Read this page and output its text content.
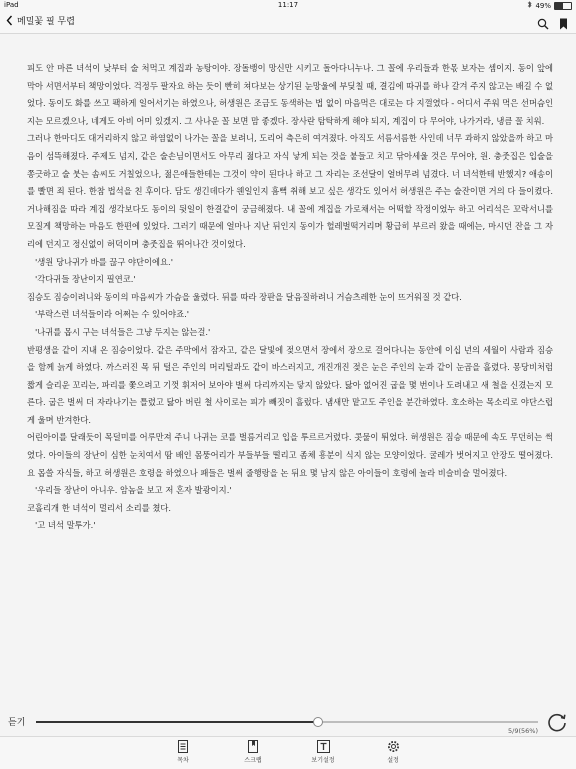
iPad	11:17	49%
메밀꽃 필 무렵

피도 안 마른 녀석이 낮부터 술 처먹고 계집과 농탕이야. 장돌뱅이 망신만 시키고 돌아다니누나. 그 꼴에 우리들과 한몫 보자는 셈이지. 동이 앞에 막아 서면서부터 책망이었다. 걱정두 팔자요 하는 듯이 빤히 쳐다보는 상기된 눈망울에 부딪칠 때, 결김에 따귀를 하나 갈겨 주지 않고는 배길 수 없었다. 동이도 화를 쓰고 팩하게 일어서기는 하였으나, 허생원은 조금도 동색하는 법 없이 마음먹은 대로는 다 지껄였다 - 어디서 주워 먹은 선머슴인지는 모르겠으나, 네게도 아비 어미 있겠지. 그 사나운 꼴 보면 맘 좋겠다. 장사란 탐탁하게 해야 되지, 계집이 다 무어야, 나가거라, 냉큼 꼴 치워.

그러나 한마디도 대거리하지 않고 하염없이 나가는 꼴을 보려니, 도리어 측은히 여겨졌다. 아직도 서름서름한 사인데 너무 과하지 않았을까 하고 마음이 섬뜩해졌다. 주제도 넘지, 같은 술손님이면서도 아무리 젊다고 자식 낳게 되는 것을 붙들고 치고 닦아세울 것은 무어야, 원. 충줏집은 입술을 쫑긋하고 술 붓는 솜씨도 거칠었으나, 젊은애들한테는 그것이 약이 된다나 하고 그 자리는 조선달이 얼버무려 넘겼다. 너 녀석한테 반했지? 애송이를 빨면 죄 된다. 한참 법석을 친 후이다. 담도 생긴데다가 웬일인지 흠뻑 취해 보고 싶은 생각도 있어서 허생원은 주는 술잔이면 거의 다 들이켰다. 거나해짐을 따라 계집 생각보다도 동이의 뒷일이 한결같이 궁금해졌다. 내 꼴에 계집을 가로채서는 어떡할 작정이었누 하고 어리석은 꼬락서니를 모질게 책망하는 마음도 한편에 있었다. 그러기 때문에 얼마나 지난 뒤인지 동이가 헐레벌떡거리며 황급히 부르러 왔을 때에는, 마시던 잔을 그 자리에 던지고 정신없이 허덕이며 충줏집을 뛰어나간 것이었다.

'생원 당나귀가 바를 끊구 야단이에요.'

'각다귀들 장난이지 필연코.'

짐승도 짐승이려니와 동이의 마음씨가 가슴을 울렸다. 뒤를 따라 장판을 달음질하려니 거슴츠레한 눈이 뜨거워질 것 같다.

'부락스런 녀석들이라 어쩌는 수 있어야죠.'

'나귀를 몹시 구는 녀석들은 그냥 두지는 않는걸.'

반평생을 같이 지내 온 짐승이었다. 같은 주막에서 잠자고, 같은 달빛에 젖으면서 장에서 장으로 걸어다니는 동안에 이십 년의 세월이 사람과 짐승을 함께 늙게 하였다. 까스러진 목 뒤 털은 주인의 머리털과도 같이 바스러지고, 개진개진 젖은 눈은 주인의 눈과 같이 눈곱을 흘렸다. 몽당비처럼 짧게 슬리운 꼬리는, 파리를 쫓으려고 기껏 휘저어 보아야 벌써 다리까지는 닿지 않았다. 닳아 없어진 굽을 몇 번이나 도려내고 새 철을 신겼는지 모른다. 굽은 벌써 더 자라나기는 틀렸고 닳아 버린 철 사이로는 피가 빼짓이 흘렀다. 냄새만 맡고도 주인을 분간하였다. 호소하는 목소리로 야단스럽게 울며 반겨한다.

어린아이를 달래듯이 목덜미를 어루만져 주니 나귀는 코를 벌름거리고 입을 투르르거렸다. 콧물이 튀었다. 허생원은 짐승 때문에 속도 무던히는 썩였다. 아이들의 장난이 심한 눈치여서 땀 배인 몸뚱어리가 부들부들 떨리고 좀체 흥분이 식지 않는 모양이었다. 굴레가 벗어지고 안장도 떨어졌다. 요 몹쓸 자식들, 하고 허생원은 호령을 하였으나 패들은 벌써 줄행랑을 논 뒤요 몇 남지 않은 아이들이 호령에 놀라 비슬비슬 멀어졌다.

'우리들 장난이 아니우. 암놈을 보고 저 혼자 발광이지.'

코흘리개 한 녀석이 멀리서 소리를 쳤다.

'고 녀석 말투가.'

듣기
5/9(56%)
목차	스크랩	보기설정	설정
